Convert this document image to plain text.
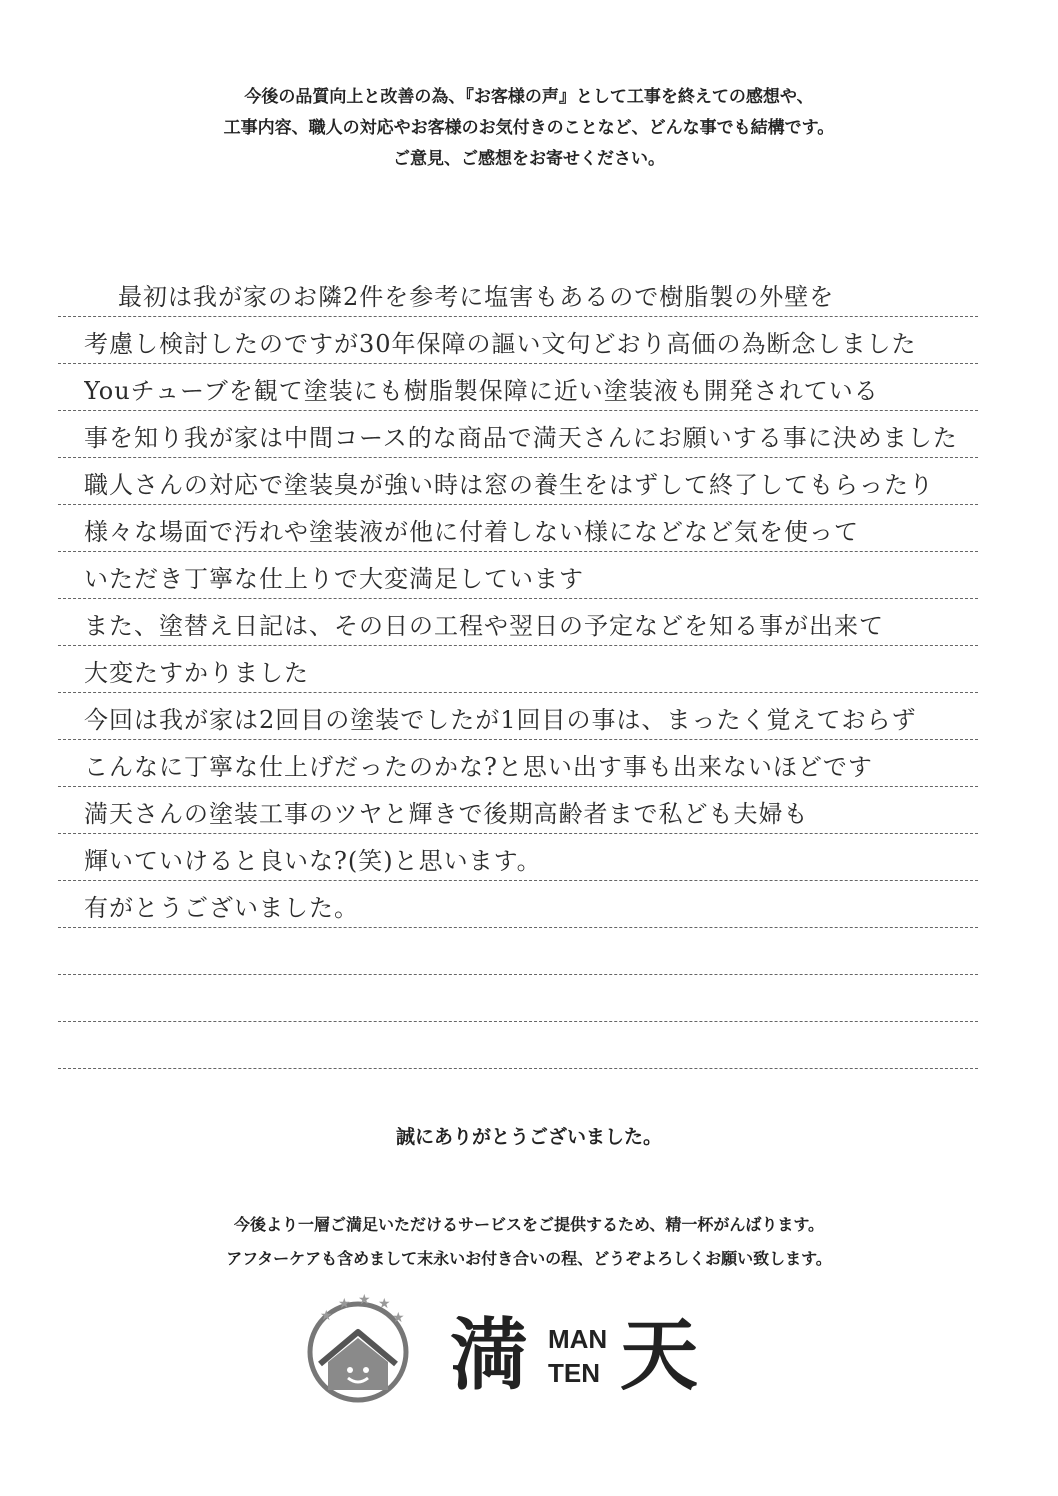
今後の品質向上と改善の為、『お客様の声』として工事を終えての感想や、
工事内容、職人の対応やお客様のお気付きのことなど、どんな事でも結構です。
ご意見、ご感想をお寄せください。
最初は我が家のお隣2件を参考に塩害もあるので樹脂製の外壁を
考慮し検討したのですが30年保障の謳い文句どおり高価の為断念しました
Youチューブを観て塗装にも樹脂製保障に近い塗装液も開発されている
事を知り我が家は中間コース的な商品で満天さんにお願いする事に決めました
職人さんの対応で塗装臭が強い時は窓の養生をはずして終了してもらったり
様々な場面で汚れや塗装液が他に付着しない様になどなど気を使って
いただき丁寧な仕上りで大変満足しています
また、塗替え日記は、その日の工程や翌日の予定などを知る事が出来て
大変たすかりました
今回は我が家は2回目の塗装でしたが1回目の事は、まったく覚えておらず
こんなに丁寧な仕上げだったのかな?と思い出す事も出来ないほどです
満天さんの塗装工事のツヤと輝きで後期高齢者まで私ども夫婦も
輝いていけると良いな?(笑)と思います。
有がとうございました。
誠にありがとうございました。
今後より一層ご満足いただけるサービスをご提供するため、精一杯がんばります。
アフターケアも含めまして末永いお付き合いの程、どうぞよろしくお願い致します。
★
★ ★ ★
★ 満 MAN
TEN 天
